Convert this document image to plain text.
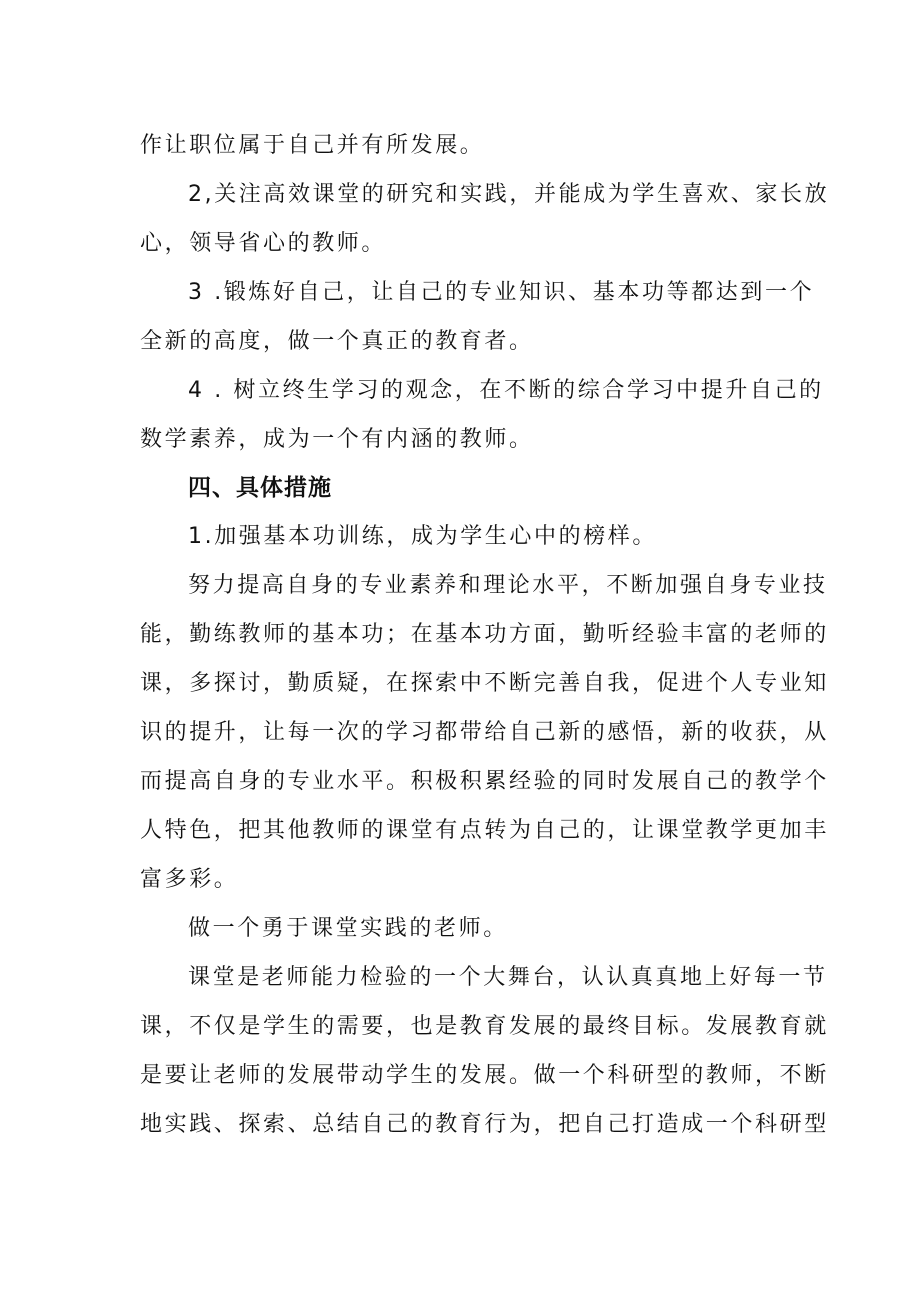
作让职位属于自己并有所发展。
2,关注高效课堂的研究和实践，并能成为学生喜欢、家长放
心，领导省心的教师。
3 .锻炼好自己，让自己的专业知识、基本功等都达到一个
全新的高度，做一个真正的教育者。
4 . 树立终生学习的观念，在不断的综合学习中提升自己的
数学素养，成为一个有内涵的教师。
四、具体措施
1.加强基本功训练，成为学生心中的榜样。
努力提高自身的专业素养和理论水平，不断加强自身专业技
能，勤练教师的基本功；在基本功方面，勤听经验丰富的老师的
课，多探讨，勤质疑，在探索中不断完善自我，促进个人专业知
识的提升，让每一次的学习都带给自己新的感悟，新的收获，从
而提高自身的专业水平。积极积累经验的同时发展自己的教学个
人特色，把其他教师的课堂有点转为自己的，让课堂教学更加丰
富多彩。
做一个勇于课堂实践的老师。
课堂是老师能力检验的一个大舞台，认认真真地上好每一节
课，不仅是学生的需要，也是教育发展的最终目标。发展教育就
是要让老师的发展带动学生的发展。做一个科研型的教师，不断
地实践、探索、总结自己的教育行为，把自己打造成一个科研型
